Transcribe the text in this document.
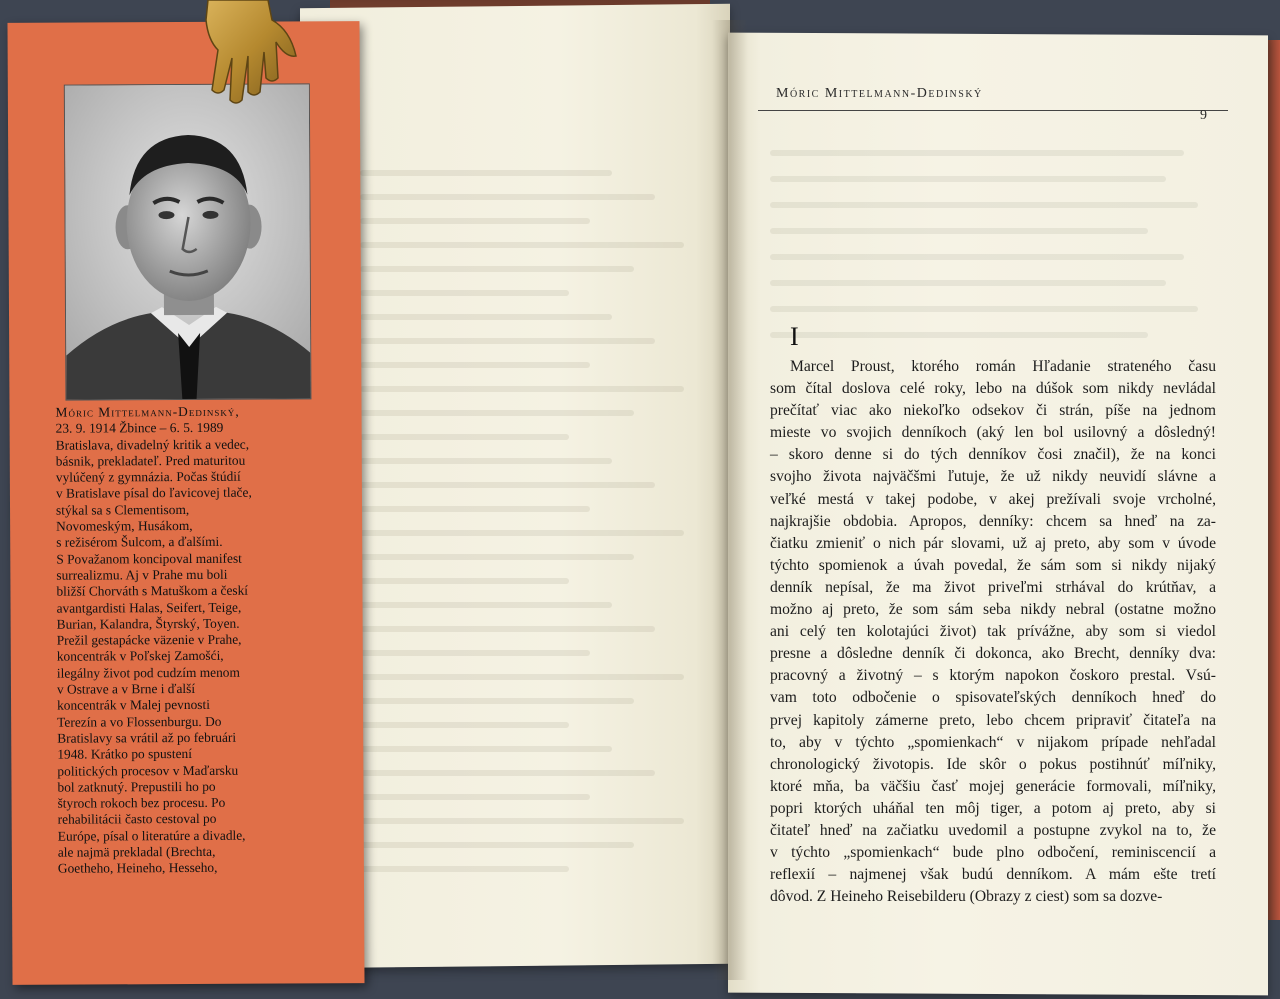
Móric Mittelmann-Dedinský
9
I
Marcel Proust, ktorého román Hľadanie strateného času
som čítal doslova celé roky, lebo na dúšok som nikdy nevládal
prečítať viac ako niekoľko odsekov či strán, píše na jednom
mieste vo svojich denníkoch (aký len bol usilovný a dôsledný!
– skoro denne si do tých denníkov čosi značil), že na konci
svojho života najväčšmi ľutuje, že už nikdy neuvidí slávne a
veľké mestá v takej podobe, v akej prežívali svoje vrcholné,
najkrajšie obdobia. Apropos, denníky: chcem sa hneď na za-
čiatku zmieniť o nich pár slovami, už aj preto, aby som v úvode
týchto spomienok a úvah povedal, že sám som si nikdy nijaký
denník nepísal, že ma život priveľmi strhával do krútňav, a
možno aj preto, že som sám seba nikdy nebral (ostatne možno
ani celý ten kolotajúci život) tak prívážne, aby som si viedol
presne a dôsledne denník či dokonca, ako Brecht, denníky dva:
pracovný a životný – s ktorým napokon čoskoro prestal. Vsú-
vam toto odbočenie o spisovateľských denníkoch hneď do
prvej kapitoly zámerne preto, lebo chcem pripraviť čitateľa na
to, aby v týchto „spomienkach“ v nijakom prípade nehľadal
chronologický životopis. Ide skôr o pokus postihnúť míľniky,
ktoré mňa, ba väčšiu časť mojej generácie formovali, míľniky,
popri ktorých uháňal ten môj tiger, a potom aj preto, aby si
čitateľ hneď na začiatku uvedomil a postupne zvykol na to, že
v týchto „spomienkach“ bude plno odbočení, reminiscencií a
reflexií – najmenej však budú denníkom. A mám ešte tretí
dôvod. Z Heineho Reisebilderu (Obrazy z ciest) som sa dozve-
Móric Mittelmann-Dedinský,
23. 9. 1914 Žbince – 6. 5. 1989
Bratislava, divadelný kritik a vedec,
básnik, prekladateľ. Pred maturitou
vylúčený z gymnázia. Počas štúdií
v Bratislave písal do ľavicovej tlače,
stýkal sa s Clementisom,
Novomeským, Husákom,
s režisérom Šulcom, a ďalšími.
S Považanom koncipoval manifest
surrealizmu. Aj v Prahe mu boli
bližší Chorváth s Matuškom a českí
avantgardisti Halas, Seifert, Teige,
Burian, Kalandra, Štyrský, Toyen.
Prežil gestapácke väzenie v Prahe,
koncentrák v Poľskej Zamošći,
ilegálny život pod cudzím menom
v Ostrave a v Brne i ďalší
koncentrák v Malej pevnosti
Terezín a vo Flossenburgu. Do
Bratislavy sa vrátil až po februári
1948. Krátko po spustení
politických procesov v Maďarsku
bol zatknutý. Prepustili ho po
štyroch rokoch bez procesu. Po
rehabilitácii často cestoval po
Európe, písal o literatúre a divadle,
ale najmä prekladal (Brechta,
Goetheho, Heineho, Hesseho,
